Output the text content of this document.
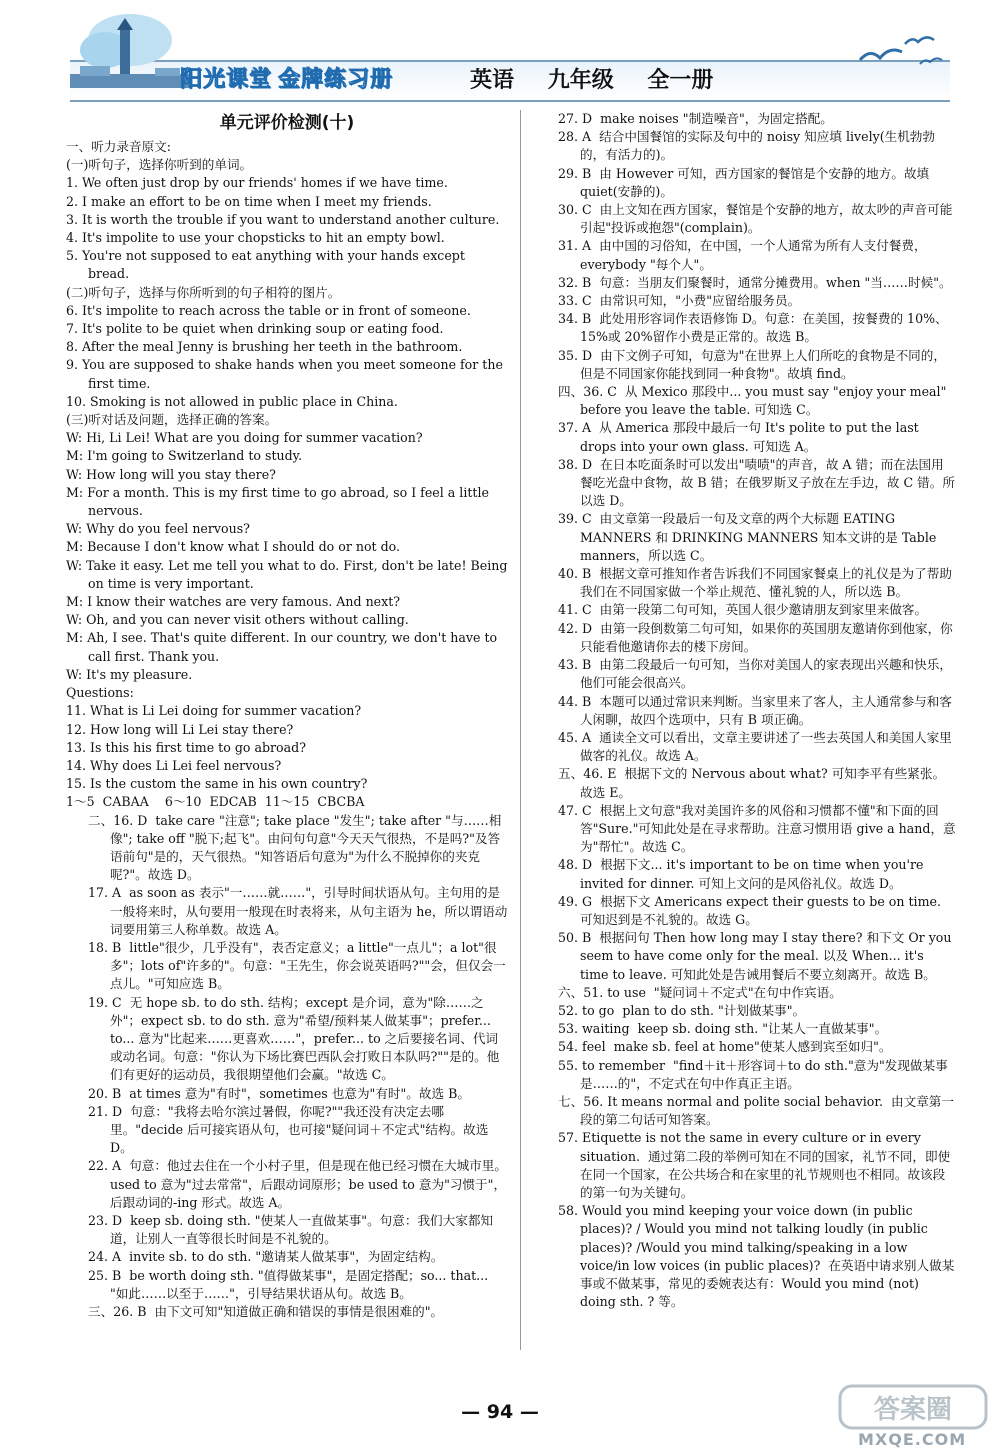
阳光课堂 金牌练习册	英语 九年级 全一册

单元评价检测(十)

一、听力录音原文:

(一)听句子，选择你听到的单词。

1. We often just drop by our friends' homes if we have time.

2. I make an effort to be on time when I meet my friends.

3. It is worth the trouble if you want to understand another culture.

4. It's impolite to use your chopsticks to hit an empty bowl.

5. You're not supposed to eat anything with your hands except bread.

(二)听句子，选择与你所听到的句子相符的图片。

6. It's impolite to reach across the table or in front of someone.

7. It's polite to be quiet when drinking soup or eating food.

8. After the meal Jenny is brushing her teeth in the bathroom.

9. You are supposed to shake hands when you meet someone for the first time.

10. Smoking is not allowed in public place in China.

(三)听对话及问题，选择正确的答案。

W: Hi, Li Lei! What are you doing for summer vacation?

M: I'm going to Switzerland to study.

W: How long will you stay there?

M: For a month. This is my first time to go abroad, so I feel a little nervous.

W: Why do you feel nervous?

M: Because I don't know what I should do or not do.

W: Take it easy. Let me tell you what to do. First, don't be late! Being on time is very important.

M: I know their watches are very famous. And next?

W: Oh, and you can never visit others without calling.

M: Ah, I see. That's quite different. In our country, we don't have to call first. Thank you.

W: It's my pleasure.

Questions:

11. What is Li Lei doing for summer vacation?

12. How long will Li Lei stay there?

13. Is this his first time to go abroad?

14. Why does Li Lei feel nervous?

15. Is the custom the same in his own country?

1～5  CABAA    6～10  EDCAB  11～15  CBCBA

二、16. D  take care "注意"; take place "发生"; take after "与……相像"; take off "脱下;起飞"。由问句句意"今天天气很热，不是吗?"及答语前句"是的，天气很热。"知答语后句意为"为什么不脱掉你的夹克呢?"。故选 D。

17. A  as soon as 表示"一……就……"，引导时间状语从句。主句用的是一般将来时，从句要用一般现在时表将来，从句主语为 he，所以谓语动词要用第三人称单数。故选 A。

18. B  little"很少，几乎没有"，表否定意义；a little"一点儿"；a lot"很多"；lots of"许多的"。句意："王先生，你会说英语吗?""会，但仅会一点儿。"可知应选 B。

19. C  无 hope sb. to do sth. 结构；except 是介词，意为"除……之外"；expect sb. to do sth. 意为"希望/预料某人做某事"；prefer... to... 意为"比起来……更喜欢……"，prefer... to 之后要接名词、代词或动名词。句意："你认为下场比赛巴西队会打败日本队吗?""是的。他们有更好的运动员，我很期望他们会赢。"故选 C。

20. B  at times 意为"有时"，sometimes 也意为"有时"。故选 B。

21. D  句意："我将去哈尔滨过暑假，你呢?""我还没有决定去哪里。"decide 后可接宾语从句，也可接"疑问词＋不定式"结构。故选 D。

22. A  句意：他过去住在一个小村子里，但是现在他已经习惯在大城市里。used to 意为"过去常常"，后跟动词原形；be used to 意为"习惯于"，后跟动词的-ing 形式。故选 A。

23. D  keep sb. doing sth. "使某人一直做某事"。句意：我们大家都知道，让别人一直等很长时间是不礼貌的。

24. A  invite sb. to do sth. "邀请某人做某事"，为固定结构。

25. B  be worth doing sth. "值得做某事"，是固定搭配；so... that... "如此……以至于……"，引导结果状语从句。故选 B。

三、26. B  由下文可知"知道做正确和错误的事情是很困难的"。

27. D  make noises "制造噪音"，为固定搭配。

28. A  结合中国餐馆的实际及句中的 noisy 知应填 lively(生机勃勃的，有活力的)。

29. B  由 However 可知，西方国家的餐馆是个安静的地方。故填 quiet(安静的)。

30. C  由上文知在西方国家，餐馆是个安静的地方，故太吵的声音可能引起"投诉或抱怨"(complain)。

31. A  由中国的习俗知，在中国，一个人通常为所有人支付餐费，everybody "每个人"。

32. B  句意：当朋友们聚餐时，通常分摊费用。when "当……时候"。

33. C  由常识可知，"小费"应留给服务员。

34. B  此处用形容词作表语修饰 D。句意：在美国，按餐费的 10%、15%或 20%留作小费是正常的。故选 B。

35. D  由下文例子可知，句意为"在世界上人们所吃的食物是不同的，但是不同国家你能找到同一种食物"。故填 find。

四、36. C  从 Mexico 那段中... you must say "enjoy your meal" before you leave the table. 可知选 C。

37. A  从 America 那段中最后一句 It's polite to put the last drops into your own glass. 可知选 A。

38. D  在日本吃面条时可以发出"啧啧"的声音，故 A 错；而在法国用餐吃光盘中食物，故 B 错；在俄罗斯叉子放在左手边，故 C 错。所以选 D。

39. C  由文章第一段最后一句及文章的两个大标题 EATING MANNERS 和 DRINKING MANNERS 知本文讲的是 Table manners，所以选 C。

40. B  根据文章可推知作者告诉我们不同国家餐桌上的礼仪是为了帮助我们在不同国家做一个举止规范、懂礼貌的人，所以选 B。

41. C  由第一段第二句可知，英国人很少邀请朋友到家里来做客。

42. D  由第一段倒数第二句可知，如果你的英国朋友邀请你到他家，你只能看他邀请你去的楼下房间。

43. B  由第二段最后一句可知，当你对美国人的家表现出兴趣和快乐，他们可能会很高兴。

44. B  本题可以通过常识来判断。当家里来了客人，主人通常参与和客人闲聊，故四个选项中，只有 B 项正确。

45. A  通读全文可以看出，文章主要讲述了一些去英国人和美国人家里做客的礼仪。故选 A。

五、46. E  根据下文的 Nervous about what? 可知李平有些紧张。故选 E。

47. C  根据上文句意"我对美国许多的风俗和习惯都不懂"和下面的回答"Sure."可知此处是在寻求帮助。注意习惯用语 give a hand，意为"帮忙"。故选 C。

48. D  根据下文... it's important to be on time when you're invited for dinner. 可知上文问的是风俗礼仪。故选 D。

49. G  根据下文 Americans expect their guests to be on time. 可知迟到是不礼貌的。故选 G。

50. B  根据问句 Then how long may I stay there? 和下文 Or you seem to have come only for the meal. 以及 When... it's time to leave. 可知此处是告诫用餐后不要立刻离开。故选 B。

六、51. to use  "疑问词＋不定式"在句中作宾语。

52. to go  plan to do sth. "计划做某事"。

53. waiting  keep sb. doing sth. "让某人一直做某事"。

54. feel  make sb. feel at home"使某人感到宾至如归"。

55. to remember  "find＋it＋形容词＋to do sth."意为"发现做某事是……的"，不定式在句中作真正主语。

七、56. It means normal and polite social behavior.  由文章第一段的第二句话可知答案。

57. Etiquette is not the same in every culture or in every situation.  通过第二段的举例可知在不同的国家，礼节不同，即使在同一个国家，在公共场合和在家里的礼节规则也不相同。故该段的第一句为关键句。

58. Would you mind keeping your voice down (in public places)? / Would you mind not talking loudly (in public places)? /Would you mind talking/speaking in a low voice/in low voices (in public places)?  在英语中请求别人做某事或不做某事，常见的委婉表达有：Would you mind (not) doing sth. ? 等。

— 94 —	答案圈
MXQE.COM
